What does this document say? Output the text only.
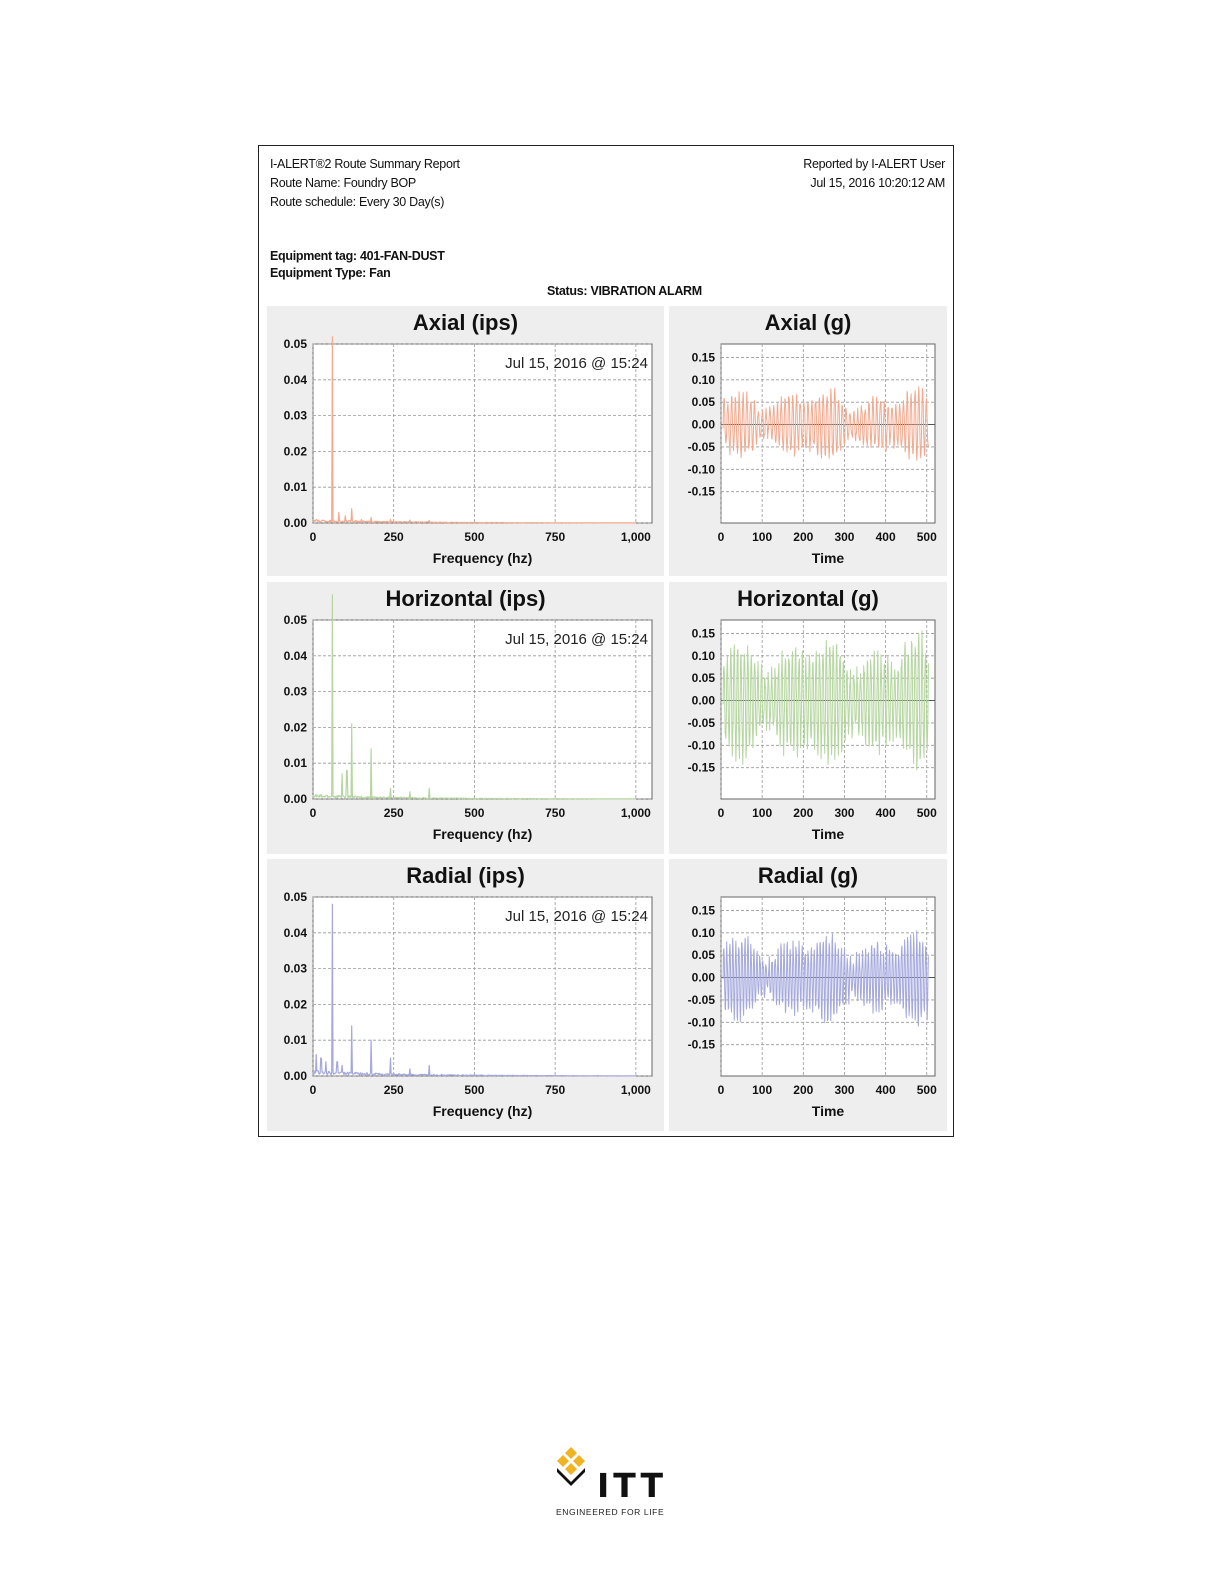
I-ALERT®2 Route Summary Report
Route Name: Foundry BOP
Route schedule: Every 30 Day(s)
Reported by I-ALERT User
Jul 15, 2016 10:20:12 AM
Equipment tag: 401-FAN-DUST
Equipment Type: Fan
Status: VIBRATION ALARM
Axial (ips)
0.00
0.01
0.02
0.03
0.04
0.05
0	250	500	750	1,000
Frequency (hz)
Jul 15, 2016 @ 15:24
Axial (g)
0.15
0.10
0.05
0.00
-0.05
-0.10
-0.15
0 100 200 300 400 500
Time
Horizontal (ips)
0.00
0.01
0.02
0.03
0.04
0.05
0	250	500	750	1,000
Frequency (hz)
Jul 15, 2016 @ 15:24
Horizontal (g)
0.15
0.10
0.05
0.00
-0.05
-0.10
-0.15
0 100 200 300 400 500
Time
Radial (ips)
0.00
0.01
0.02
0.03
0.04
0.05
0	250	500	750	1,000
Frequency (hz)
Jul 15, 2016 @ 15:24
Radial (g)
0.15
0.10
0.05
0.00
-0.05
-0.10
-0.15
0 100 200 300 400 500
Time
ITT
ENGINEERED FOR LIFE
